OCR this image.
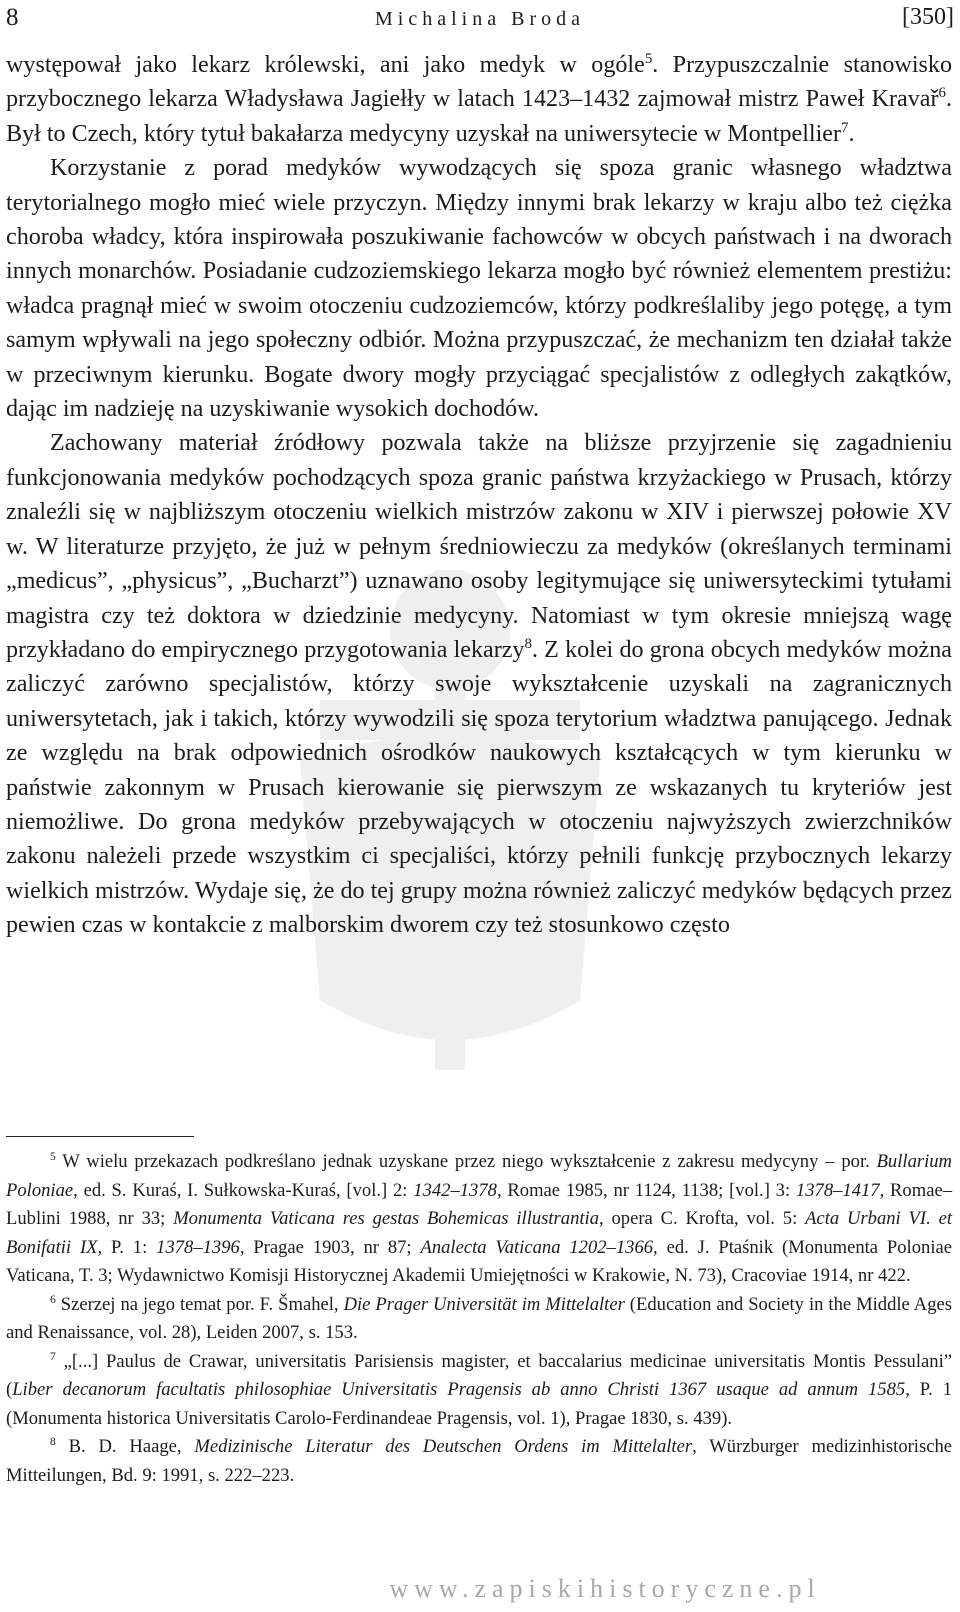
8	Michalina Broda	[350]

występował jako lekarz królewski, ani jako medyk w ogóle$^5$. Przypuszczalnie stanowisko przybocznego lekarza Władysława Jagiełły w latach 1423–1432 zajmował mistrz Paweł Kravař$^6$. Był to Czech, który tytuł bakałarza medycyny uzyskał na uniwersytecie w Montpellier$^7$.

Korzystanie z porad medyków wywodzących się spoza granic własnego władztwa terytorialnego mogło mieć wiele przyczyn. Między innymi brak lekarzy w kraju albo też ciężka choroba władcy, która inspirowała poszukiwanie fachowców w obcych państwach i na dworach innych monarchów. Posiadanie cudzoziemskiego lekarza mogło być również elementem prestiżu: władca pragnął mieć w swoim otoczeniu cudzoziemców, którzy podkreślaliby jego potęgę, a tym samym wpływali na jego społeczny odbiór. Można przypuszczać, że mechanizm ten działał także w przeciwnym kierunku. Bogate dwory mogły przyciągać specjalistów z odległych zakątków, dając im nadzieję na uzyskiwanie wysokich dochodów.

Zachowany materiał źródłowy pozwala także na bliższe przyjrzenie się zagadnieniu funkcjonowania medyków pochodzących spoza granic państwa krzyżackiego w Prusach, którzy znaleźli się w najbliższym otoczeniu wielkich mistrzów zakonu w XIV i pierwszej połowie XV w. W literaturze przyjęto, że już w pełnym średniowieczu za medyków (określanych terminami „medicus”, „physicus”, „Bucharzt”) uznawano osoby legitymujące się uniwersyteckimi tytułami magistra czy też doktora w dziedzinie medycyny. Natomiast w tym okresie mniejszą wagę przykładano do empirycznego przygotowania lekarzy$^8$. Z kolei do grona obcych medyków można zaliczyć zarówno specjalistów, którzy swoje wykształcenie uzyskali na zagranicznych uniwersytetach, jak i takich, którzy wywodzili się spoza terytorium władztwa panującego. Jednak ze względu na brak odpowiednich ośrodków naukowych kształcących w tym kierunku w państwie zakonnym w Prusach kierowanie się pierwszym ze wskazanych tu kryteriów jest niemożliwe. Do grona medyków przebywających w otoczeniu najwyższych zwierzchników zakonu należeli przede wszystkim ci specjaliści, którzy pełnili funkcję przybocznych lekarzy wielkich mistrzów. Wydaje się, że do tej grupy można również zaliczyć medyków będących przez pewien czas w kontakcie z malborskim dworem czy też stosunkowo często

$^5$ W wielu przekazach podkreślano jednak uzyskane przez niego wykształcenie z zakresu medycyny – por. Bullarium Poloniae, ed. S. Kuraś, I. Sułkowska-Kuraś, [vol.] 2: 1342–1378, Romae 1985, nr 1124, 1138; [vol.] 3: 1378–1417, Romae–Lublini 1988, nr 33; Monumenta Vaticana res gestas Bohemicas illustrantia, opera C. Krofta, vol. 5: Acta Urbani VI. et Bonifatii IX, P. 1: 1378–1396, Pragae 1903, nr 87; Analecta Vaticana 1202–1366, ed. J. Ptaśnik (Monumenta Poloniae Vaticana, T. 3; Wydawnictwo Komisji Historycznej Akademii Umiejętności w Krakowie, N. 73), Cracoviae 1914, nr 422.

$^6$ Szerzej na jego temat por. F. Šmahel, Die Prager Universität im Mittelalter (Education and Society in the Middle Ages and Renaissance, vol. 28), Leiden 2007, s. 153.

$^7$ „[...] Paulus de Crawar, universitatis Parisiensis magister, et baccalarius medicinae universitatis Montis Pessulani” (Liber decanorum facultatis philosophiae Universitatis Pragensis ab anno Christi 1367 usaque ad annum 1585, P. 1 (Monumenta historica Universitatis Carolo-Ferdinandeae Pragensis, vol. 1), Pragae 1830, s. 439).

$^8$ B. D. Haage, Medizinische Literatur des Deutschen Ordens im Mittelalter, Würzburger medizinhistorische Mitteilungen, Bd. 9: 1991, s. 222–223.

www.zapiskihistoryczne.pl
